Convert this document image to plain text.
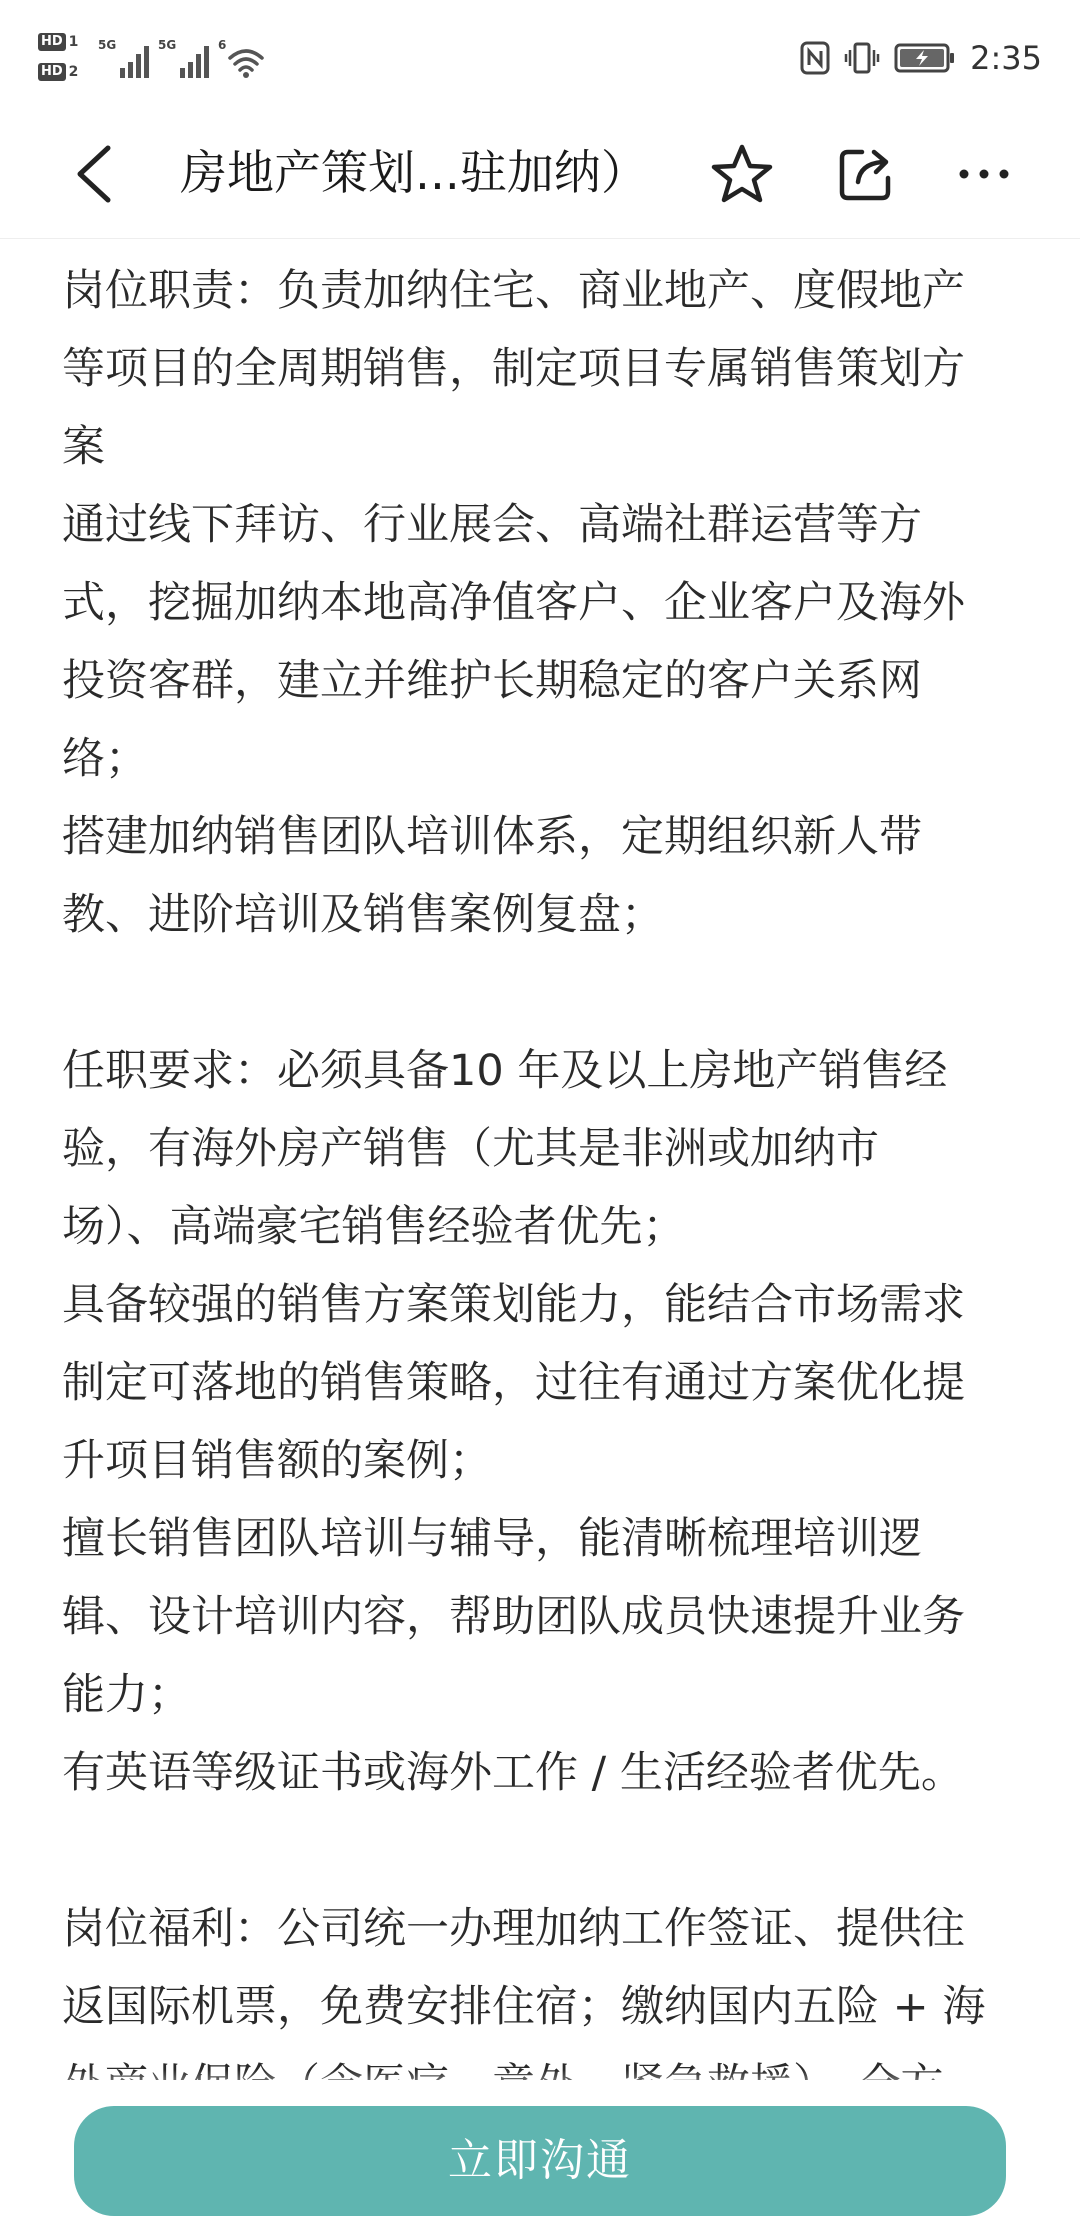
HD 1
HD 2
5G	5G	6	2:35
房地产策划...驻加纳）

岗位职责：负责加纳住宅、商业地产、度假地产

等项目的全周期销售，制定项目专属销售策划方

案

通过线下拜访、行业展会、高端社群运营等方

式，挖掘加纳本地高净值客户、企业客户及海外

投资客群，建立并维护长期稳定的客户关系网

络；

搭建加纳销售团队培训体系，定期组织新人带

教、进阶培训及销售案例复盘；

任职要求：必须具备10 年及以上房地产销售经

验，有海外房产销售（尤其是非洲或加纳市

场）、高端豪宅销售经验者优先；

具备较强的销售方案策划能力，能结合市场需求

制定可落地的销售策略，过往有通过方案优化提

升项目销售额的案例；

擅长销售团队培训与辅导，能清晰梳理培训逻

辑、设计培训内容，帮助团队成员快速提升业务

能力；

有英语等级证书或海外工作 / 生活经验者优先。

岗位福利：公司统一办理加纳工作签证、提供往

返国际机票，免费安排住宿；缴纳国内五险 + 海

立即沟通
